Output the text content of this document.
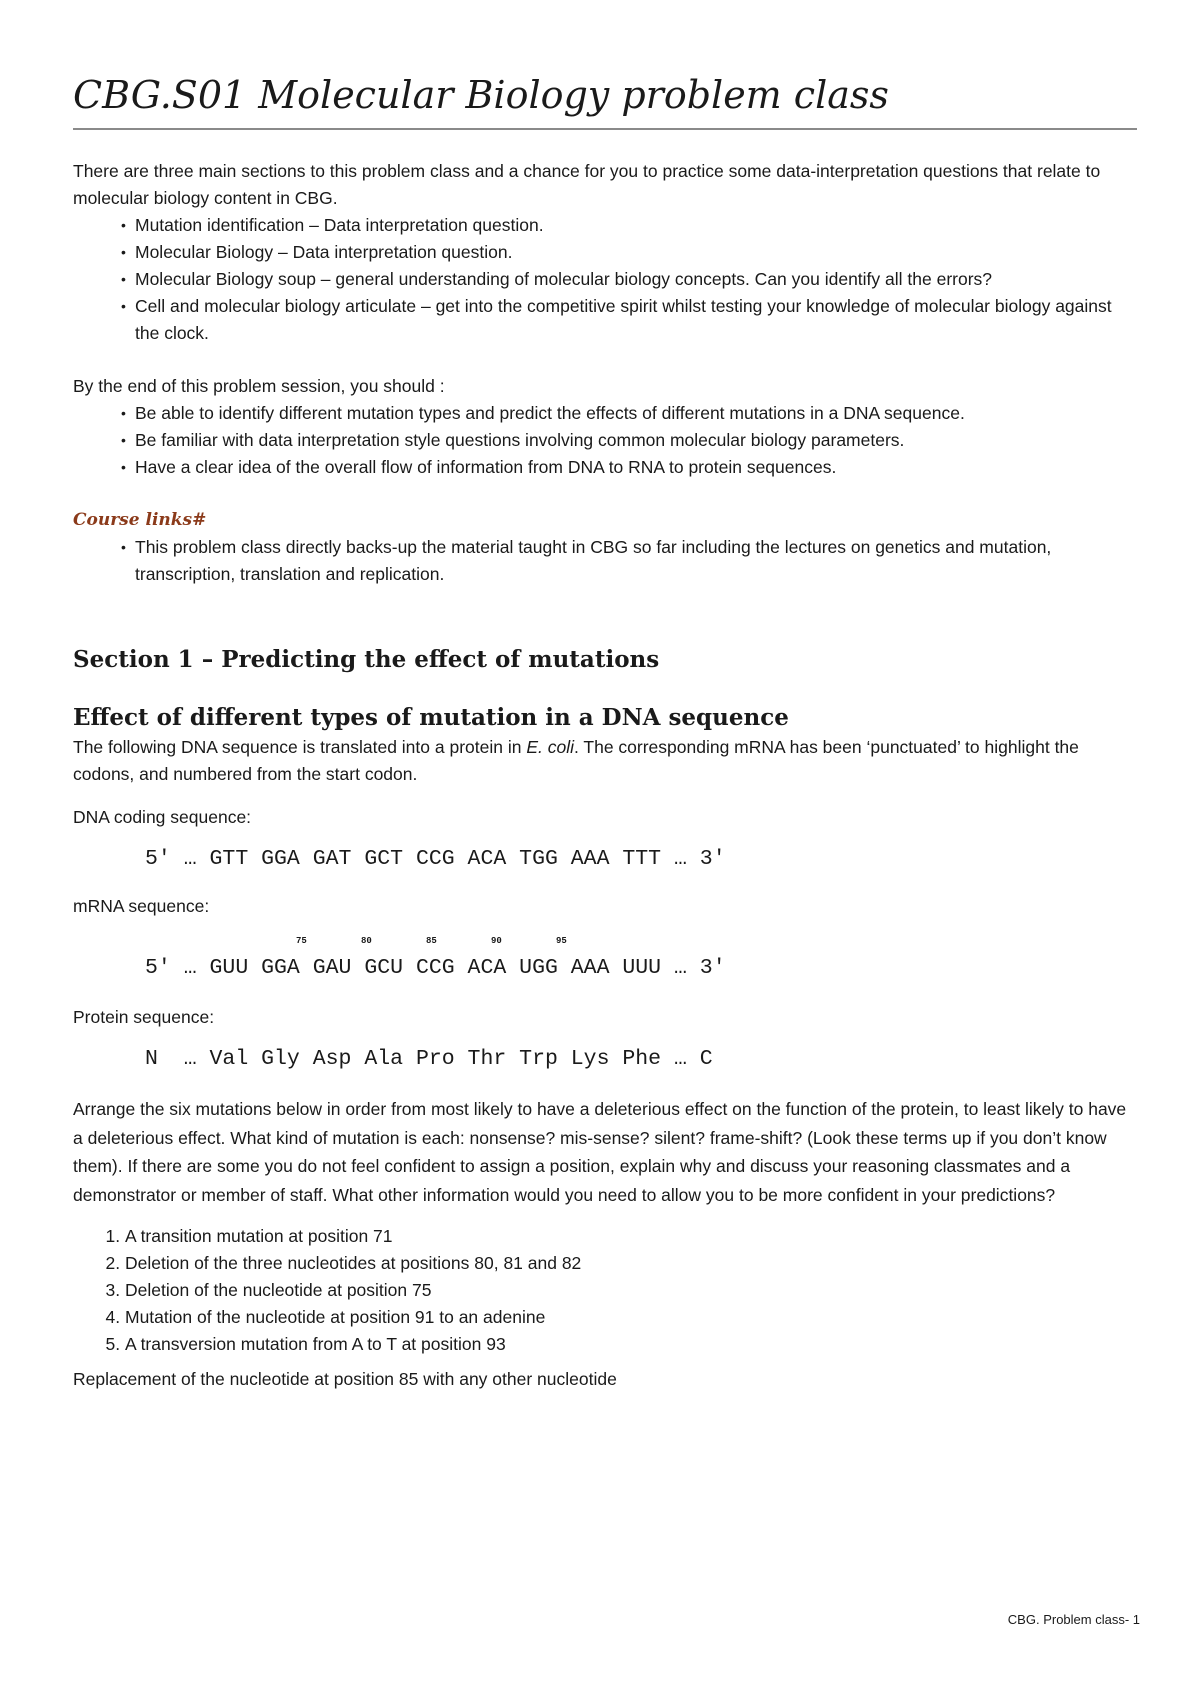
CBG.S01 Molecular Biology problem class

There are three main sections to this problem class and a chance for you to practice some data-interpretation questions that relate to molecular biology content in CBG.

• Mutation identification – Data interpretation question.
• Molecular Biology – Data interpretation question.
• Molecular Biology soup – general understanding of molecular biology concepts. Can you identify all the errors?
• Cell and molecular biology articulate – get into the competitive spirit whilst testing your knowledge of molecular biology against the clock.

By the end of this problem session, you should :

• Be able to identify different mutation types and predict the effects of different mutations in a DNA sequence.
• Be familiar with data interpretation style questions involving common molecular biology parameters.
• Have a clear idea of the overall flow of information from DNA to RNA to protein sequences.
Course links#
• This problem class directly backs-up the material taught in CBG so far including the lectures on genetics and mutation, transcription, translation and replication.
Section 1 – Predicting the effect of mutations
Effect of different types of mutation in a DNA sequence

The following DNA sequence is translated into a protein in E. coli. The corresponding mRNA has been ‘punctuated’ to highlight the codons, and numbered from the start codon.

DNA coding sequence:

5' … GTT GGA GAT GCT CCG ACA TGG AAA TTT … 3'

mRNA sequence:

75	80	85	90	95
5' … GUU GGA GAU GCU CCG ACA UGG AAA UUU … 3'

Protein sequence:

N  … Val Gly Asp Ala Pro Thr Trp Lys Phe … C

Arrange the six mutations below in order from most likely to have a deleterious effect on the function of the protein, to least likely to have a deleterious effect. What kind of mutation is each: nonsense? mis-sense? silent? frame-shift? (Look these terms up if you don’t know them). If there are some you do not feel confident to assign a position, explain why and discuss your reasoning classmates and a demonstrator or member of staff. What other information would you need to allow you to be more confident in your predictions?

1. A transition mutation at position 71
2. Deletion of the three nucleotides at positions 80, 81 and 82
3. Deletion of the nucleotide at position 75
4. Mutation of the nucleotide at position 91 to an adenine
5. A transversion mutation from A to T at position 93

Replacement of the nucleotide at position 85 with any other nucleotide

CBG. Problem class- 1
